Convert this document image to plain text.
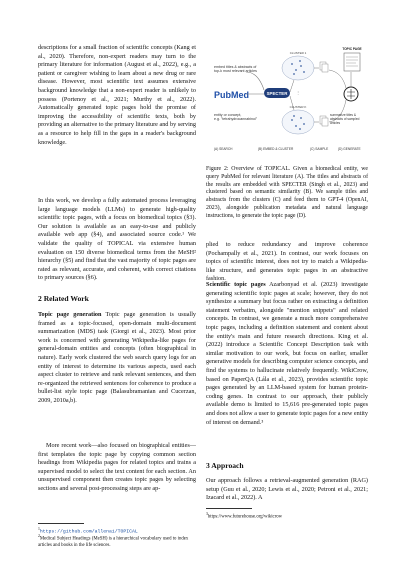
descriptions for a small fraction of scientific concepts (Kang et al., 2020). Therefore, non-expert readers may turn to the primary literature for information (August et al., 2022), e.g., a patient or caregiver wishing to learn about a new drug or rare disease. However, most scientific text assumes extensive background knowledge that a non-expert reader is unlikely to possess (Portenoy et al., 2021; Murthy et al., 2022). Automatically generated topic pages hold the promise of improving the accessibility of scientific texts, both by providing an alternative to the primary literature and by serving as a resource to help fill in the gaps in a reader's background knowledge.

In this work, we develop a fully automated process leveraging large language models (LLMs) to generate high-quality scientific topic pages, with a focus on biomedical topics (§3). Our solution is available as an easy-to-use and publicly available web app (§4), and associated source code.¹ We validate the quality of TOPICAL via extensive human evaluation on 150 diverse biomedical terms from the MeSH² hierarchy (§5) and find that the vast majority of topic pages are rated as relevant, accurate, and coherent, with correct citations to primary sources (§6).

2 Related Work
Topic page generation Topic page generation is usually framed as a topic-focused, open-domain multi-document summarization (MDS) task (Giorgi et al., 2023). Most prior work is concerned with generating Wikipedia-like pages for general-domain entities and concepts (often biographical in nature). Early work clustered the web search query logs for an entity of interest to determine its various aspects, used each aspect cluster to retrieve and rank relevant sentences, and then re-organized the retrieved sentences for coherence to produce a bullet-list style topic page (Balasubramanian and Cucerzan, 2009, 2010a,b).

More recent work—also focused on biographical entities—first templates the topic page by copying common section headings from Wikipedia pages for related topics and trains a supervised model to select the text content for each section. An unsupervised component then creates topic pages by selecting sections and several post-processing steps are ap-

$^1$https://github.com/allenai/TOPICAL
$^2$Medical Subject Headings (MeSH) is a hierarchical vocabulary used to index articles and books in the life sciences.
embed titles & abstracts of top-k most relevant articles
PubMed
entity or concept, e.g. "tetrahydrocannabinol"
SPECTER
CLUSTER 1
CLUSTER K
⋮
summarize titles & abstracts of sampled articles
TOPIC PAGE
(A) SEARCH	(B) EMBED & CLUSTER	(C) SAMPLE	(D) GENERATE

Figure 2: Overview of TOPICAL. Given a biomedical entity, we query PubMed for relevant literature (A). The titles and abstracts of the results are embedded with SPECTER (Singh et al., 2023) and clustered based on semantic similarity (B). We sample titles and abstracts from the clusters (C) and feed them to GPT-4 (OpenAI, 2023), alongside publication metadata and natural language instructions, to generate the topic page (D).

plied to reduce redundancy and improve coherence (Pochampally et al., 2021). In contrast, our work focuses on topics of scientific interest, does not try to match a Wikipedia-like structure, and generates topic pages in an abstractive fashion.

Scientific topic pages Azarbonyad et al. (2023) investigate generating scientific topic pages at scale; however, they do not synthesize a summary but focus rather on extracting a definition statement verbatim, alongside "mention snippets" and related concepts. In contrast, we generate a much more comprehensive topic pages, including a definition statement and content about the entity's main and future research directions. King et al. (2022) introduce a Scientific Concept Description task with similar motivation to our work, but focus on earlier, smaller generative models for describing computer science concepts, and find the systems to hallucinate relatively frequently. WikiCrow, based on PaperQA (Lála et al., 2023), provides scientific topic pages generated by an LLM-based system for human protein-coding genes. In contrast to our approach, their publicly available demo is limited to 15,616 pre-generated topic pages and does not allow a user to generate topic pages for a new entity of interest on demand.³
3 Approach

Our approach follows a retrieval-augmented generation (RAG) setup (Guu et al., 2020; Lewis et al., 2020; Petroni et al., 2021; Izacard et al., 2022). A

$^3$https://www.futurehouse.org/wikicrow
